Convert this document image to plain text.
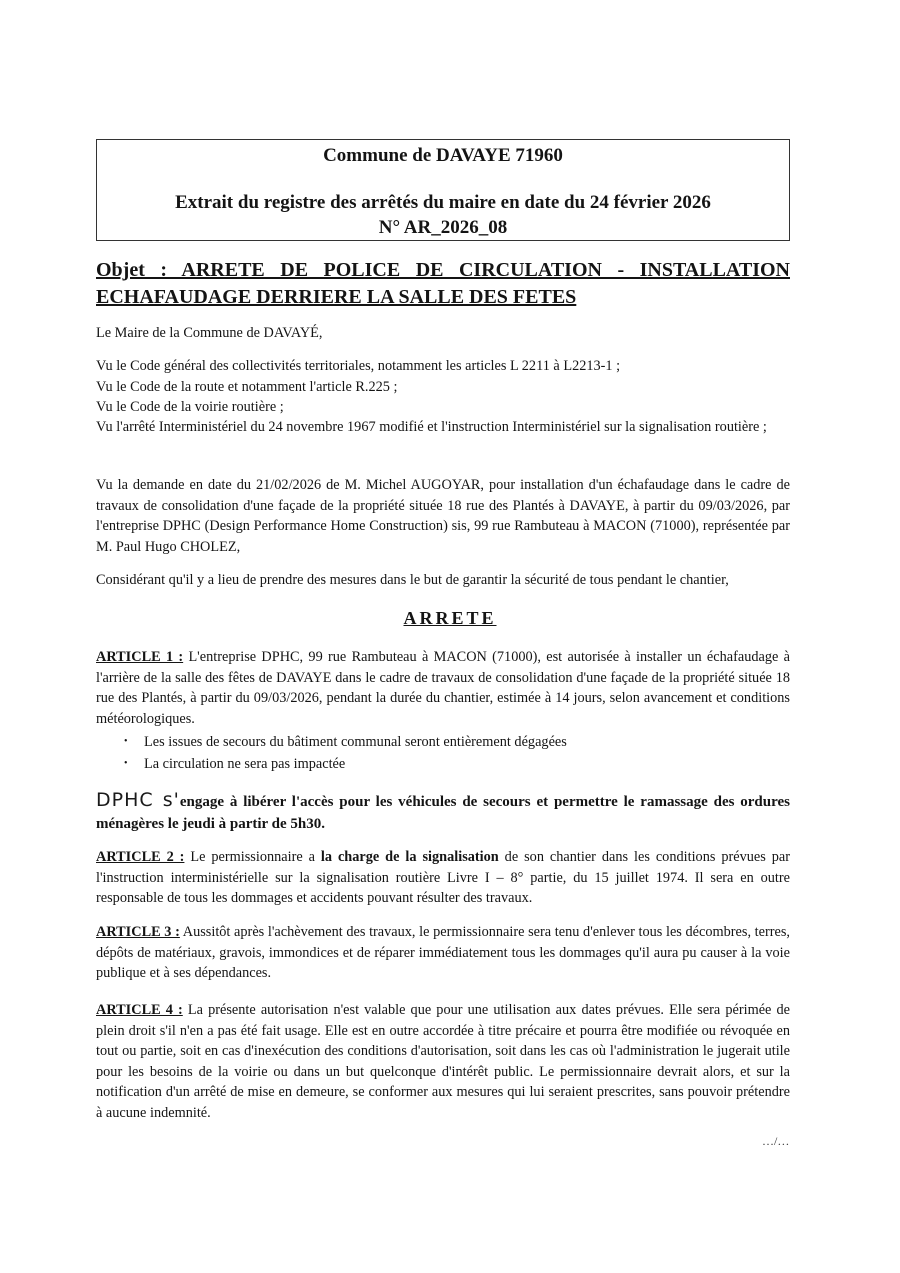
Commune de DAVAYE 71960
Extrait du registre des arrêtés du maire en date du 24 février 2026
N° AR_2026_08
Objet : ARRETE DE POLICE DE CIRCULATION - INSTALLATION ECHAFAUDAGE DERRIERE LA SALLE DES FETES
Le Maire de la Commune de DAVAYÉ,
Vu le Code général des collectivités territoriales, notamment les articles L 2211 à L2213-1 ;
Vu le Code de la route et notamment l'article R.225 ;
Vu le Code de la voirie routière ;
Vu l'arrêté Interministériel du 24 novembre 1967 modifié et l'instruction Interministériel sur la signalisation routière ;
Vu la demande en date du 21/02/2026 de M. Michel AUGOYAR, pour installation d'un échafaudage dans le cadre de travaux de consolidation d'une façade de la propriété située 18 rue des Plantés à DAVAYE, à partir du 09/03/2026, par l'entreprise DPHC (Design Performance Home Construction) sis, 99 rue Rambuteau à MACON (71000), représentée par M. Paul Hugo CHOLEZ,
Considérant qu'il y a lieu de prendre des mesures dans le but de garantir la sécurité de tous pendant le chantier,
ARRETE
ARTICLE 1 : L'entreprise DPHC, 99 rue Rambuteau à MACON (71000), est autorisée à installer un échafaudage à l'arrière de la salle des fêtes de DAVAYE dans le cadre de travaux de consolidation d'une façade de la propriété située 18 rue des Plantés, à partir du 09/03/2026, pendant la durée du chantier, estimée à 14 jours, selon avancement et conditions météorologiques.
• Les issues de secours du bâtiment communal seront entièrement dégagées
• La circulation ne sera pas impactée
DPHC s'engage à libérer l'accès pour les véhicules de secours et permettre le ramassage des ordures ménagères le jeudi à partir de 5h30.
ARTICLE 2 : Le permissionnaire a la charge de la signalisation de son chantier dans les conditions prévues par l'instruction interministérielle sur la signalisation routière Livre I – 8° partie, du 15 juillet 1974. Il sera en outre responsable de tous les dommages et accidents pouvant résulter des travaux.
ARTICLE 3 : Aussitôt après l'achèvement des travaux, le permissionnaire sera tenu d'enlever tous les décombres, terres, dépôts de matériaux, gravois, immondices et de réparer immédiatement tous les dommages qu'il aura pu causer à la voie publique et à ses dépendances.
ARTICLE 4 : La présente autorisation n'est valable que pour une utilisation aux dates prévues. Elle sera périmée de plein droit s'il n'en a pas été fait usage. Elle est en outre accordée à titre précaire et pourra être modifiée ou révoquée en tout ou partie, soit en cas d'inexécution des conditions d'autorisation, soit dans les cas où l'administration le jugerait utile pour les besoins de la voirie ou dans un but quelconque d'intérêt public. Le permissionnaire devrait alors, et sur la notification d'un arrêté de mise en demeure, se conformer aux mesures qui lui seraient prescrites, sans pouvoir prétendre à aucune indemnité.
…/…
